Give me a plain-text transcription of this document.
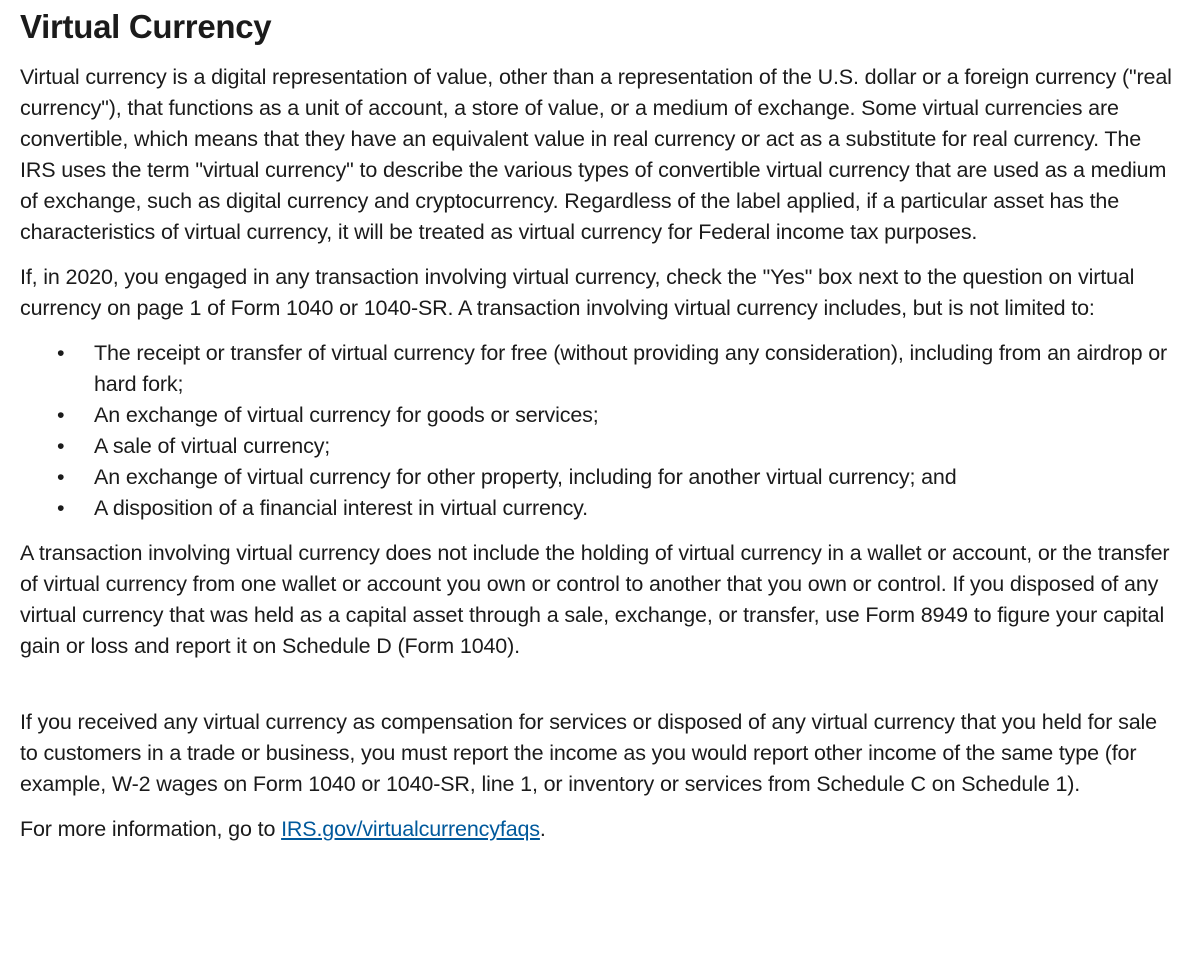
Virtual Currency

Virtual currency is a digital representation of value, other than a representation of the U.S. dollar or a foreign currency ("real currency"), that functions as a unit of account, a store of value, or a medium of exchange. Some virtual currencies are convertible, which means that they have an equivalent value in real currency or act as a substitute for real currency. The IRS uses the term "virtual currency" to describe the various types of convertible virtual currency that are used as a medium of exchange, such as digital currency and cryptocurrency. Regardless of the label applied, if a particular asset has the characteristics of virtual currency, it will be treated as virtual currency for Federal income tax purposes.

If, in 2020, you engaged in any transaction involving virtual currency, check the "Yes" box next to the question on virtual currency on page 1 of Form 1040 or 1040-SR. A transaction involving virtual currency includes, but is not limited to:

• The receipt or transfer of virtual currency for free (without providing any consideration), including from an airdrop or hard fork;
• An exchange of virtual currency for goods or services;
• A sale of virtual currency;
• An exchange of virtual currency for other property, including for another virtual currency; and
• A disposition of a financial interest in virtual currency.

A transaction involving virtual currency does not include the holding of virtual currency in a wallet or account, or the transfer of virtual currency from one wallet or account you own or control to another that you own or control. If you disposed of any virtual currency that was held as a capital asset through a sale, exchange, or transfer, use Form 8949 to figure your capital gain or loss and report it on Schedule D (Form 1040).

If you received any virtual currency as compensation for services or disposed of any virtual currency that you held for sale to customers in a trade or business, you must report the income as you would report other income of the same type (for example, W-2 wages on Form 1040 or 1040-SR, line 1, or inventory or services from Schedule C on Schedule 1).

For more information, go to IRS.gov/virtualcurrencyfaqs.
